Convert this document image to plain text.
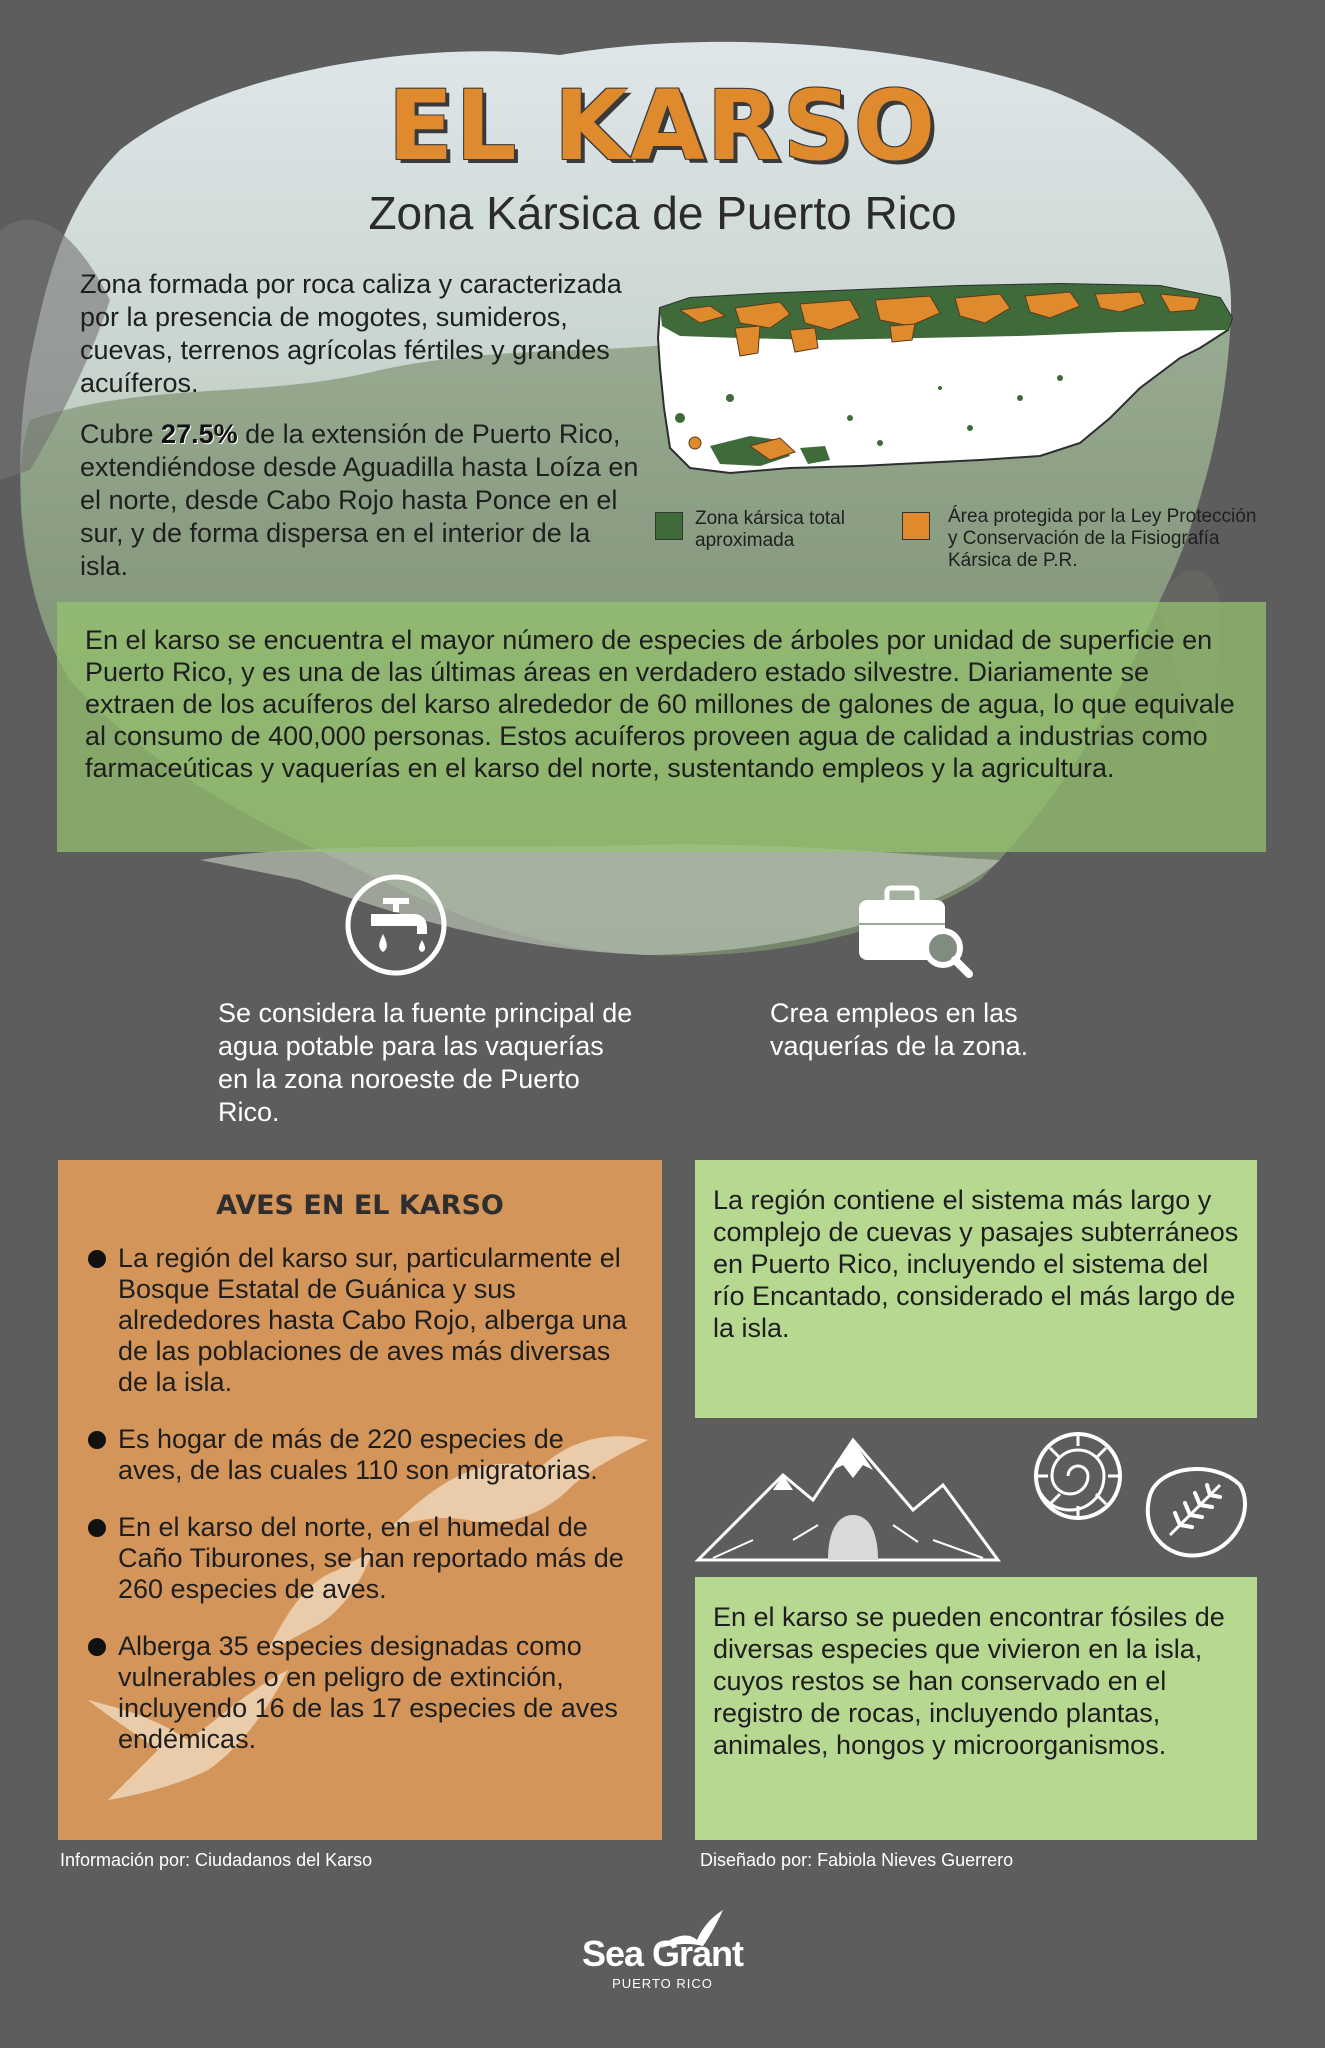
EL KARSO
Zona Kársica de Puerto Rico
Zona formada por roca caliza y caracterizada por la presencia de mogotes, sumideros, cuevas, terrenos agrícolas fértiles y grandes acuíferos.
Cubre 27.5% de la extensión de Puerto Rico, extendiéndose desde Aguadilla hasta Loíza en el norte, desde Cabo Rojo hasta Ponce en el sur, y de forma dispersa en el interior de la isla.
Zona kársica total aproximada
Área protegida por la Ley Protección y Conservación de la Fisiografía Kársica de P.R.
En el karso se encuentra el mayor número de especies de árboles por unidad de superficie en Puerto Rico, y es una de las últimas áreas en verdadero estado silvestre. Diariamente se extraen de los acuíferos del karso alrededor de 60 millones de galones de agua, lo que equivale al consumo de 400,000 personas. Estos acuíferos proveen agua de calidad a industrias como farmaceúticas y vaquerías en el karso del norte, sustentando empleos y la agricultura.
Se considera la fuente principal de agua potable para las vaquerías en la zona noroeste de Puerto Rico.
Crea empleos en las vaquerías de la zona.
AVES EN EL KARSO
La región del karso sur, particularmente el Bosque Estatal de Guánica y sus alrededores hasta Cabo Rojo, alberga una de las poblaciones de aves más diversas de la isla.
Es hogar de más de 220 especies de aves, de las cuales 110 son migratorias.
En el karso del norte, en el humedal de Caño Tiburones, se han reportado más de 260 especies de aves.
Alberga 35 especies designadas como vulnerables o en peligro de extinción, incluyendo 16 de las 17 especies de aves endémicas.
La región contiene el sistema más largo y complejo de cuevas y pasajes subterráneos en Puerto Rico, incluyendo el sistema del río Encantado, considerado el más largo de la isla.
En el karso se pueden encontrar fósiles de diversas especies que vivieron en la isla, cuyos restos se han conservado en el registro de rocas, incluyendo plantas, animales, hongos y microorganismos.
Información por: Ciudadanos del Karso	Diseñado por: Fabiola Nieves Guerrero
Sea Grant
PUERTO RICO
